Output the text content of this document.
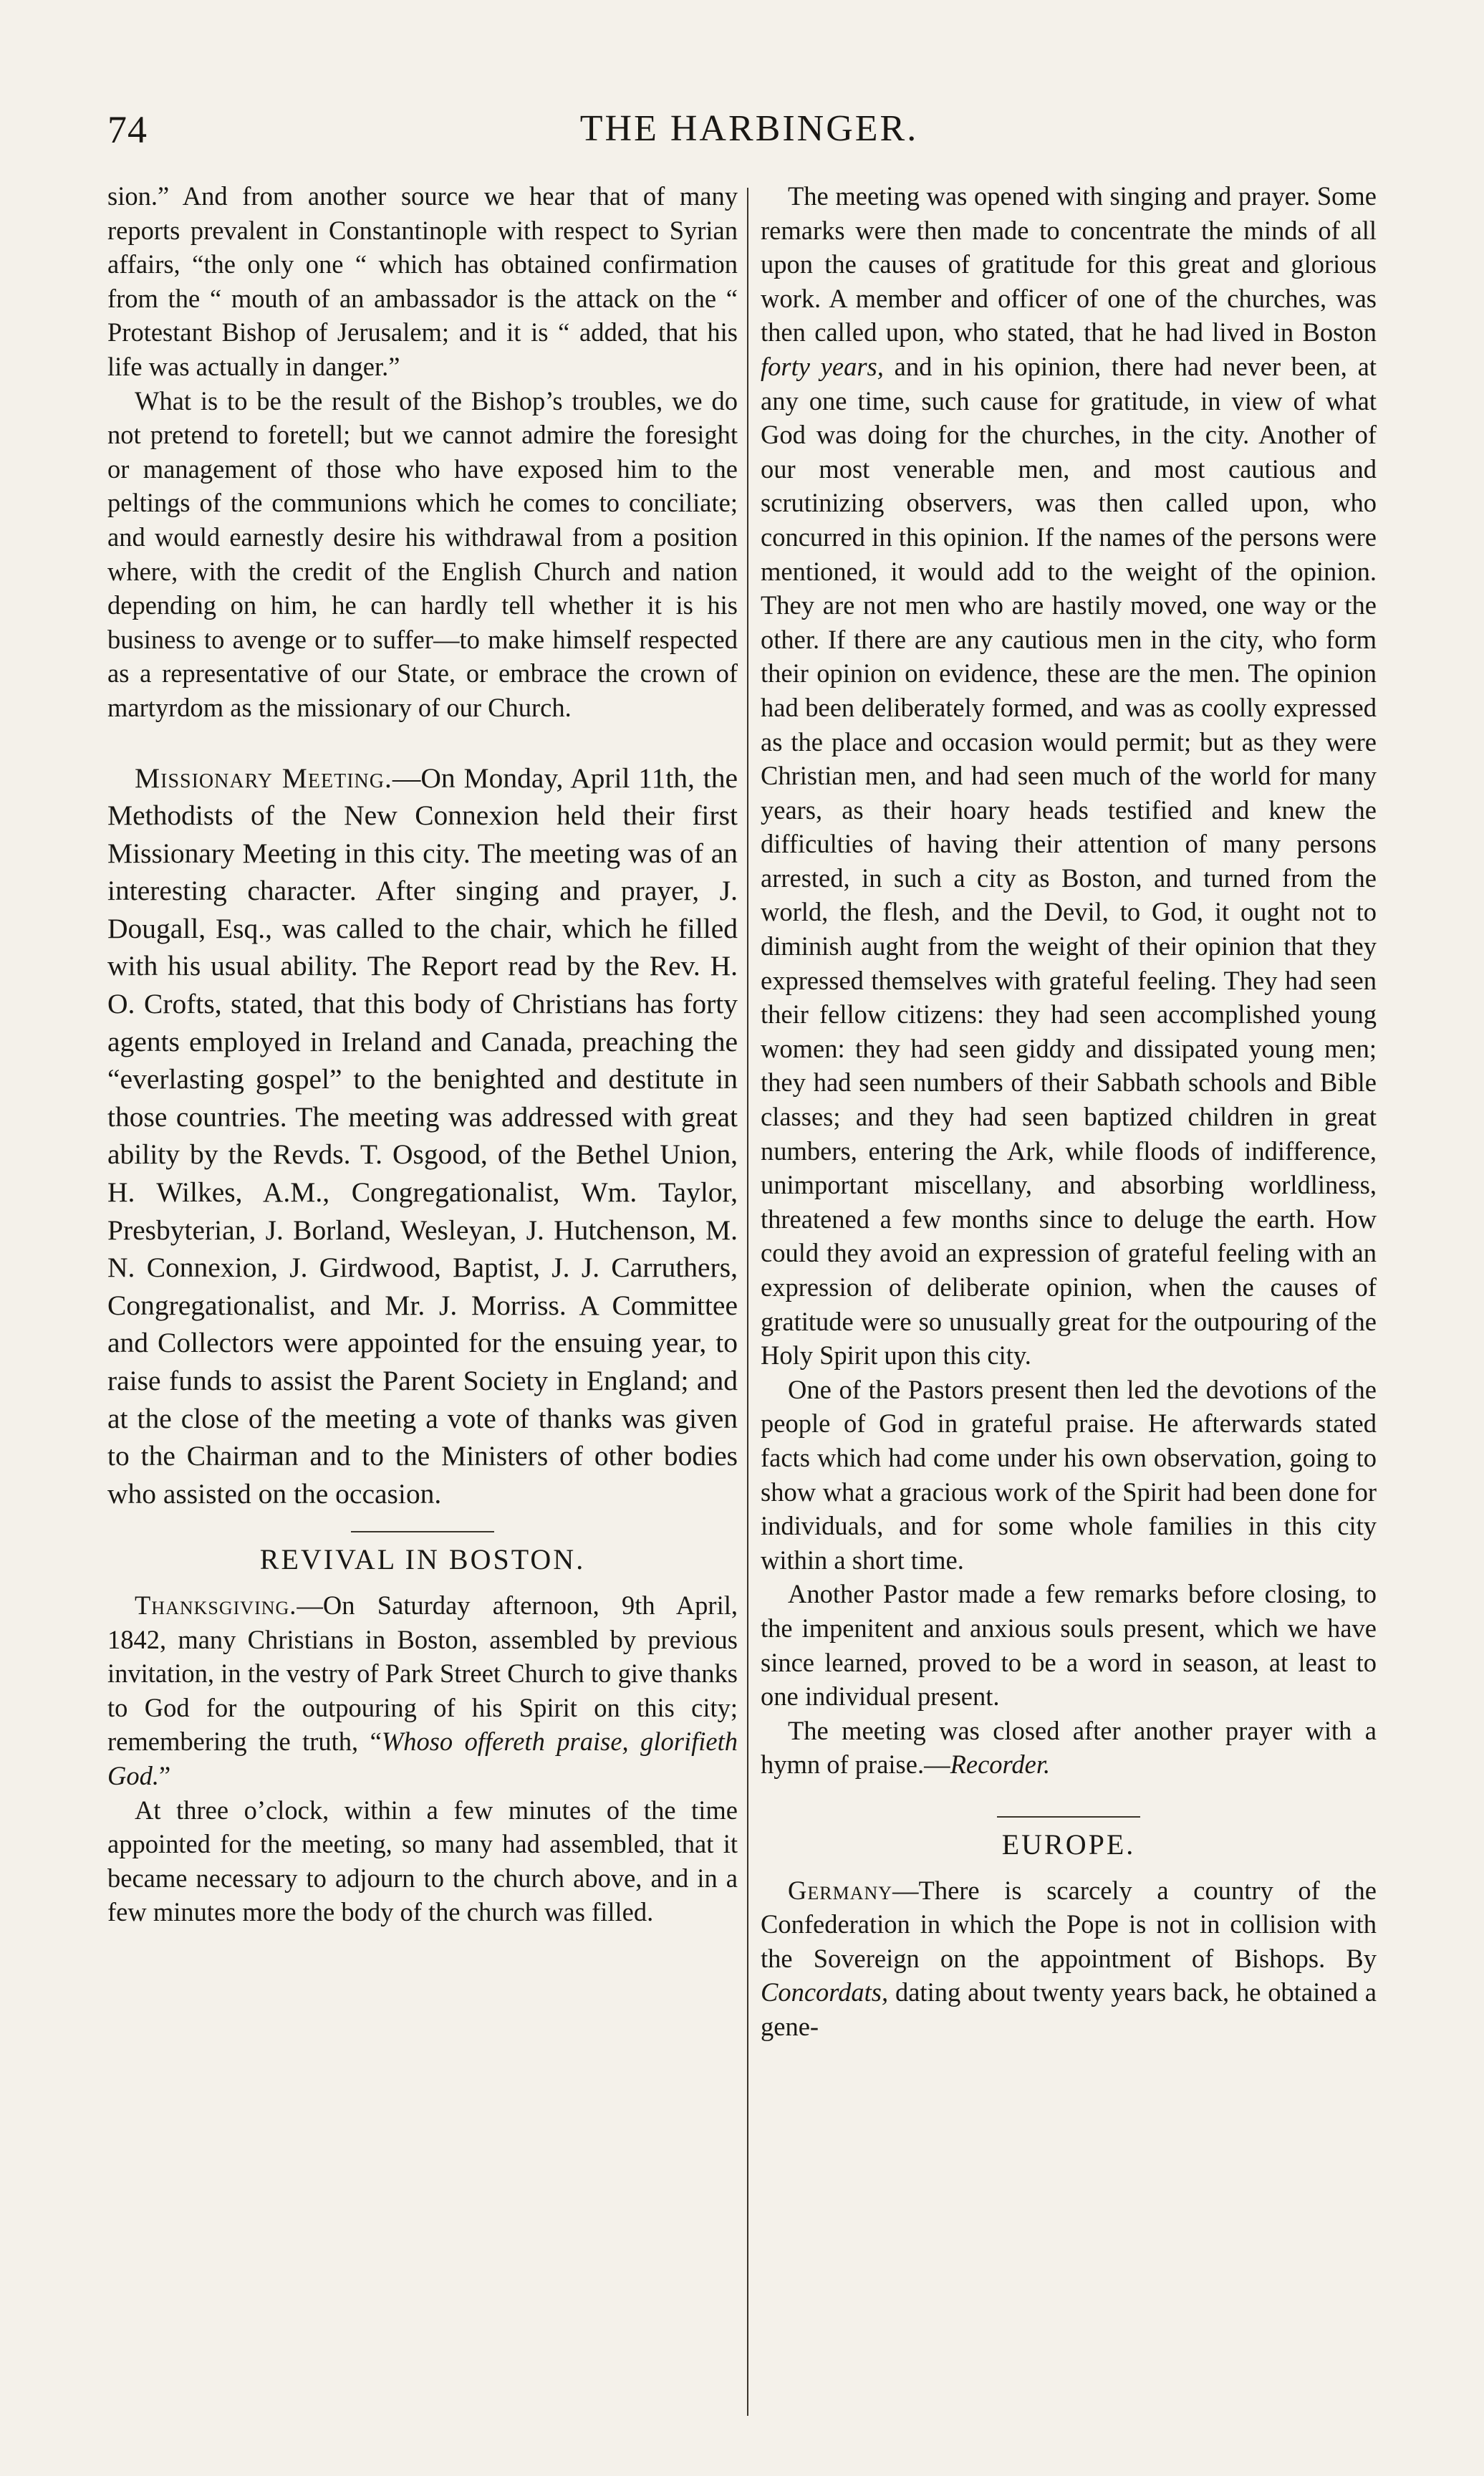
74	THE HARBINGER.

sion.” And from another source we hear that of many reports prevalent in Constantinople with respect to Syrian affairs, “the only one “ which has obtained confirmation from the “ mouth of an ambassador is the attack on the “ Protestant Bishop of Jerusalem; and it is “ added, that his life was actually in danger.”

What is to be the result of the Bishop’s troubles, we do not pretend to foretell; but we cannot admire the foresight or management of those who have exposed him to the peltings of the communions which he comes to conciliate; and would earnestly desire his withdrawal from a position where, with the credit of the English Church and nation depending on him, he can hardly tell whether it is his business to avenge or to suffer—to make himself respected as a representative of our State, or embrace the crown of martyrdom as the missionary of our Church.

Missionary Meeting.—On Monday, April 11th, the Methodists of the New Connexion held their first Missionary Meeting in this city. The meeting was of an interesting character. After singing and prayer, J. Dougall, Esq., was called to the chair, which he filled with his usual ability. The Report read by the Rev. H. O. Crofts, stated, that this body of Christians has forty agents employed in Ireland and Canada, preaching the “everlasting gospel” to the benighted and destitute in those countries. The meeting was addressed with great ability by the Revds. T. Osgood, of the Bethel Union, H. Wilkes, A.M., Congregationalist, Wm. Taylor, Presbyterian, J. Borland, Wesleyan, J. Hutchenson, M. N. Connexion, J. Girdwood, Baptist, J. J. Carruthers, Congregationalist, and Mr. J. Morriss. A Committee and Collectors were appointed for the ensuing year, to raise funds to assist the Parent Society in England; and at the close of the meeting a vote of thanks was given to the Chairman and to the Ministers of other bodies who assisted on the occasion.

REVIVAL IN BOSTON.

Thanksgiving.—On Saturday afternoon, 9th April, 1842, many Christians in Boston, assembled by previous invitation, in the vestry of Park Street Church to give thanks to God for the outpouring of his Spirit on this city; remembering the truth, “Whoso offereth praise, glorifieth God.”

At three o’clock, within a few minutes of the time appointed for the meeting, so many had assembled, that it became necessary to adjourn to the church above, and in a few minutes more the body of the church was filled.

The meeting was opened with singing and prayer. Some remarks were then made to concentrate the minds of all upon the causes of gratitude for this great and glorious work. A member and officer of one of the churches, was then called upon, who stated, that he had lived in Boston forty years, and in his opinion, there had never been, at any one time, such cause for gratitude, in view of what God was doing for the churches, in the city. Another of our most venerable men, and most cautious and scrutinizing observers, was then called upon, who concurred in this opinion. If the names of the persons were mentioned, it would add to the weight of the opinion. They are not men who are hastily moved, one way or the other. If there are any cautious men in the city, who form their opinion on evidence, these are the men. The opinion had been deliberately formed, and was as coolly expressed as the place and occasion would permit; but as they were Christian men, and had seen much of the world for many years, as their hoary heads testified and knew the difficulties of having their attention of many persons arrested, in such a city as Boston, and turned from the world, the flesh, and the Devil, to God, it ought not to diminish aught from the weight of their opinion that they expressed themselves with grateful feeling. They had seen their fellow citizens: they had seen accomplished young women: they had seen giddy and dissipated young men; they had seen numbers of their Sabbath schools and Bible classes; and they had seen baptized children in great numbers, entering the Ark, while floods of indifference, unimportant miscellany, and absorbing worldliness, threatened a few months since to deluge the earth. How could they avoid an expression of grateful feeling with an expression of deliberate opinion, when the causes of gratitude were so unusually great for the outpouring of the Holy Spirit upon this city.

One of the Pastors present then led the devotions of the people of God in grateful praise. He afterwards stated facts which had come under his own observation, going to show what a gracious work of the Spirit had been done for individuals, and for some whole families in this city within a short time.

Another Pastor made a few remarks before closing, to the impenitent and anxious souls present, which we have since learned, proved to be a word in season, at least to one individual present.

The meeting was closed after another prayer with a hymn of praise.—Recorder.

EUROPE.

Germany—There is scarcely a country of the Confederation in which the Pope is not in collision with the Sovereign on the appointment of Bishops. By Concordats, dating about twenty years back, he obtained a gene-
